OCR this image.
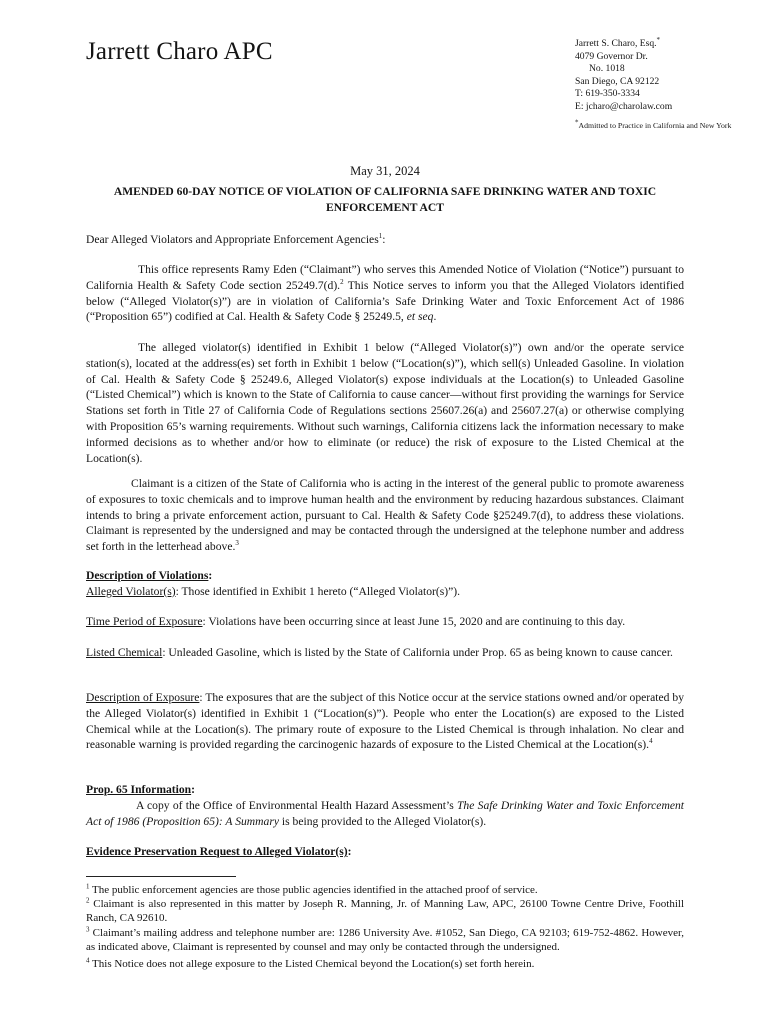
Jarrett Charo APC	Jarrett S. Charo, Esq.*
4079 Governor Dr.
No. 1018
San Diego, CA 92122
T: 619-350-3334
E: jcharo@charolaw.com
*Admitted to Practice in California and New York
May 31, 2024
AMENDED 60-DAY NOTICE OF VIOLATION OF CALIFORNIA SAFE DRINKING WATER AND TOXIC ENFORCEMENT ACT
Dear Alleged Violators and Appropriate Enforcement Agencies$^1$:

This office represents Ramy Eden (“Claimant”) who serves this Amended Notice of Violation (“Notice”) pursuant to California Health & Safety Code section 25249.7(d).$^2$ This Notice serves to inform you that the Alleged Violators identified below (“Alleged Violator(s)”) are in violation of California’s Safe Drinking Water and Toxic Enforcement Act of 1986 (“Proposition 65”) codified at Cal. Health & Safety Code § 25249.5, et seq.

The alleged violator(s) identified in Exhibit 1 below (“Alleged Violator(s)”) own and/or the operate service station(s), located at the address(es) set forth in Exhibit 1 below (“Location(s)”), which sell(s) Unleaded Gasoline. In violation of Cal. Health & Safety Code § 25249.6, Alleged Violator(s) expose individuals at the Location(s) to Unleaded Gasoline (“Listed Chemical”) which is known to the State of California to cause cancer—without first providing the warnings for Service Stations set forth in Title 27 of California Code of Regulations sections 25607.26(a) and 25607.27(a) or otherwise complying with Proposition 65’s warning requirements. Without such warnings, California citizens lack the information necessary to make informed decisions as to whether and/or how to eliminate (or reduce) the risk of exposure to the Listed Chemical at the Location(s).

Claimant is a citizen of the State of California who is acting in the interest of the general public to promote awareness of exposures to toxic chemicals and to improve human health and the environment by reducing hazardous substances. Claimant intends to bring a private enforcement action, pursuant to Cal. Health & Safety Code §25249.7(d), to address these violations. Claimant is represented by the undersigned and may be contacted through the undersigned at the telephone number and address set forth in the letterhead above.$^3$

Description of Violations:
Alleged Violator(s): Those identified in Exhibit 1 hereto (“Alleged Violator(s)”).

Time Period of Exposure: Violations have been occurring since at least June 15, 2020 and are continuing to this day.

Listed Chemical: Unleaded Gasoline, which is listed by the State of California under Prop. 65 as being known to cause cancer.

Description of Exposure: The exposures that are the subject of this Notice occur at the service stations owned and/or operated by the Alleged Violator(s) identified in Exhibit 1 (“Location(s)”). People who enter the Location(s) are exposed to the Listed Chemical while at the Location(s). The primary route of exposure to the Listed Chemical is through inhalation. No clear and reasonable warning is provided regarding the carcinogenic hazards of exposure to the Listed Chemical at the Location(s).$^4$

Prop. 65 Information:
A copy of the Office of Environmental Health Hazard Assessment’s The Safe Drinking Water and Toxic Enforcement Act of 1986 (Proposition 65): A Summary is being provided to the Alleged Violator(s).

Evidence Preservation Request to Alleged Violator(s):

$^1$ The public enforcement agencies are those public agencies identified in the attached proof of service.

$^2$ Claimant is also represented in this matter by Joseph R. Manning, Jr. of Manning Law, APC, 26100 Towne Centre Drive, Foothill Ranch, CA 92610.

$^3$ Claimant’s mailing address and telephone number are: 1286 University Ave. #1052, San Diego, CA 92103; 619-752-4862. However, as indicated above, Claimant is represented by counsel and may only be contacted through the undersigned.

$^4$ This Notice does not allege exposure to the Listed Chemical beyond the Location(s) set forth herein.
